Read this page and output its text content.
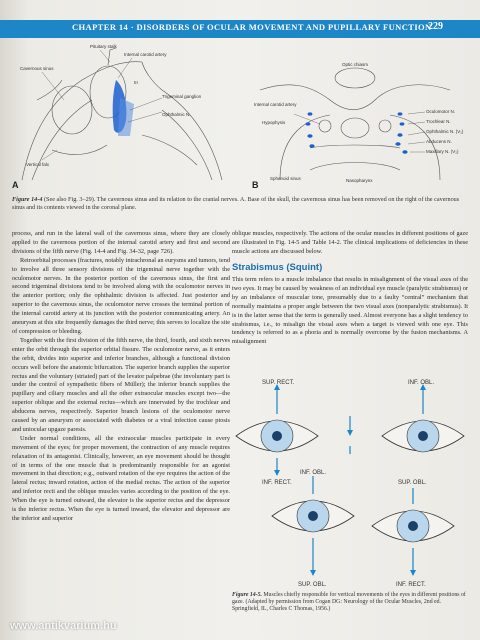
CHAPTER 14 · DISORDERS OF OCULAR MOVEMENT AND PUPILLARY FUNCTION
229
Pituitary stalk
Internal carotid artery
Cavernous sinus
Trigeminal ganglion
III
Ophthalmic N.
Vertical falx
A
Optic chiasm
Internal carotid artery
Hypophysis
Oculomotor N.
Trochlear N.
Ophthalmic N. (V₁)
Abducens N.
Maxillary N. (V₂)
Sphenoid sinus	Nasopharynx
B
Figure 14-4 (See also Fig. 3–29). The cavernous sinus and its relation to the cranial nerves. A. Base of the skull, the cavernous sinus has been removed on the right of the cavernous sinus and its contents viewed in the coronal plane.

process, and run in the lateral wall of the cavernous sinus, where they are closely applied to the cavernous portion of the internal carotid artery and first and second divisions of the fifth nerve (Fig. 14-4 and Fig. 34-32, page 726).

Retroorbital processes (fractures, notably intrachronal an eurysms and tumors, tend to involve all three sensory divisions of the trigeminal nerve together with the oculomotor nerves. In the posterior portion of the cavernous sinus, the first and second trigeminal divisions tend to be involved along with the oculomotor nerves in the anterior portion; only the ophthalmic division is affected. Just posterior and superior to the cavernous sinus, the oculomotor nerve crosses the terminal portion of the internal carotid artery at its junction with the posterior communicating artery. An aneurysm at this site frequently damages the third nerve; this serves to localize the site of compression or bleeding.

Together with the first division of the fifth nerve, the third, fourth, and sixth nerves enter the orbit through the superior orbital fissure. The oculomotor nerve, as it enters the orbit, divides into superior and inferior branches, although a functional division occurs well before the anatomic bifurcation. The superior branch supplies the superior rectus and the voluntary (striated) part of the levator palpebrae (the involuntary part is under the control of sympathetic fibers of Müller); the inferior branch supplies the pupillary and ciliary muscles and all the other extraocular muscles except two—the superior oblique and the external rectus—which are innervated by the trochlear and abducens nerves, respectively. Superior branch lesions of the oculomotor nerve caused by an aneurysm or associated with diabetes or a viral infection cause ptosis and uniocular upgaze paresis.

Under normal conditions, all the extraocular muscles participate in every movement of the eyes; for proper movement, the contraction of any muscle requires relaxation of its antagonist. Clinically, however, an eye movement should be thought of in terms of the one muscle that is predominantly responsible for an agonist movement in that direction; e.g., outward rotation of the eye requires the action of the lateral rectus; inward rotation, action of the medial rectus. The action of the superior and inferior recti and the oblique muscles varies according to the position of the eye. When the eye is turned outward, the elevator is the superior rectus and the depressor is the inferior rectus. When the eye is turned inward, the elevator and depressor are the inferior and superior

oblique muscles, respectively. The actions of the ocular muscles in different positions of gaze are illustrated in Fig. 14-5 and Table 14-2. The clinical implications of deficiencies in these muscle actions are discussed below.

Strabismus (Squint)

This term refers to a muscle imbalance that results in misalignment of the visual axes of the two eyes. It may be caused by weakness of an individual eye muscle (paralytic strabismus) or by an imbalance of muscular tone, presumably due to a faulty “central” mechanism that normally maintains a proper angle between the two visual axes (nonparalytic strabismus). It is in the latter sense that the term is generally used. Almost everyone has a slight tendency to strabismus, i.e., to misalign the visual axes when a target is viewed with one eye. This tendency is referred to as a phoria and is normally overcome by the fusion mechanisms. A misalignment

SUP. RECT.	INF. OBL.
INF. RECT.
INF. OBL.
SUP. OBL.
SUP. OBL.	INF. RECT.
Figure 14-5. Muscles chiefly responsible for vertical movements of the eyes in different positions of gaze. (Adapted by permission from Cogan DG: Neurology of the Ocular Muscles, 2nd ed. Springfield, IL, Charles C Thomas, 1956.)
www.antikvarium.hu
